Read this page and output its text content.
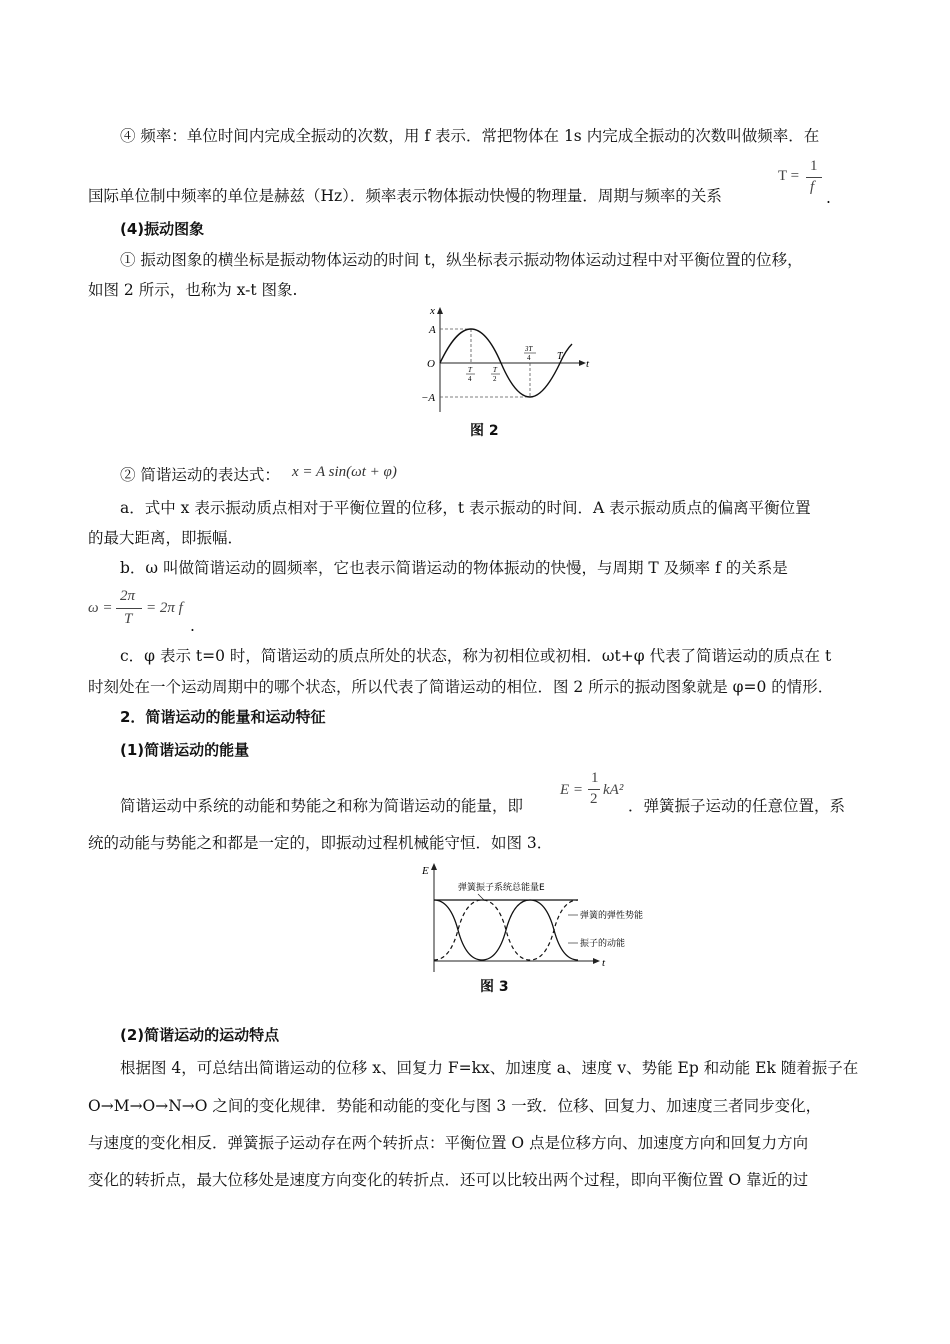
④ 频率：单位时间内完成全振动的次数，用 f 表示．常把物体在 1s 内完成全振动的次数叫做频率．在
T =
1
f
国际单位制中频率的单位是赫兹（Hz）．频率表示物体振动快慢的物理量．周期与频率的关系	.
(4)振动图象
① 振动图象的横坐标是振动物体运动的时间 t，纵坐标表示振动物体运动过程中对平衡位置的位移，
如图 2 所示，也称为 x-t 图象.
x
t
O
A
−A
T
4
T
2
3T
4	T
图 2
② 简谐运动的表达式： x = A sin(ωt + φ)
a．式中 x 表示振动质点相对于平衡位置的位移，t 表示振动的时间．A 表示振动质点的偏离平衡位置
的最大距离，即振幅．
b．ω 叫做简谐运动的圆频率，它也表示简谐运动的物体振动的快慢，与周期 T 及频率 f 的关系是
ω =
2π
T
= 2π f
.
c．φ 表示 t=0 时，简谐运动的质点所处的状态，称为初相位或初相．ωt+φ 代表了简谐运动的质点在 t
时刻处在一个运动周期中的哪个状态，所以代表了简谐运动的相位．图 2 所示的振动图象就是 φ=0 的情形．
2．简谐运动的能量和运动特征
(1)简谐运动的能量
E =
1
2
kA²
简谐运动中系统的动能和势能之和称为简谐运动的能量，即	．弹簧振子运动的任意位置，系
统的动能与势能之和都是一定的，即振动过程机械能守恒．如图 3．
E
t
弹簧振子系统总能量E
弹簧的弹性势能
振子的动能
图 3
(2)简谐运动的运动特点
根据图 4，可总结出简谐运动的位移 x、回复力 F=kx、加速度 a、速度 v、势能 Ep 和动能 Ek 随着振子在
O→M→O→N→O 之间的变化规律．势能和动能的变化与图 3 一致．位移、回复力、加速度三者同步变化，
与速度的变化相反．弹簧振子运动存在两个转折点：平衡位置 O 点是位移方向、加速度方向和回复力方向
变化的转折点，最大位移处是速度方向变化的转折点．还可以比较出两个过程，即向平衡位置 O 靠近的过
